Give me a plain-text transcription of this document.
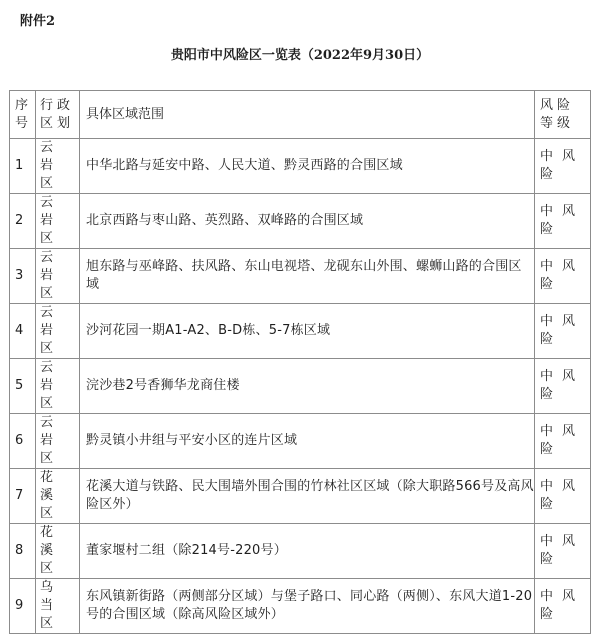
附件2
贵阳市中风险区一览表（2022年9月30日）
序号	行政区划	具体区域范围	风险等级
1	云岩区	中华北路与延安中路、人民大道、黔灵西路的合围区域	中风险
2	云岩区	北京西路与枣山路、英烈路、双峰路的合围区域	中风险
3	云岩区	旭东路与巫峰路、扶风路、东山电视塔、龙砚东山外围、螺蛳山路的合围区域	中风险
4	云岩区	沙河花园一期A1-A2、B-D栋、5-7栋区域	中风险
5	云岩区	浣沙巷2号香狮华龙商住楼	中风险
6	云岩区	黔灵镇小井组与平安小区的连片区域	中风险
7	花溪区	花溪大道与铁路、民大围墙外围合围的竹林社区区域（除大职路566号及高风险区外）	中风险
8	花溪区	董家堰村二组（除214号-220号）	中风险
9	乌当区	东风镇新街路（两侧部分区域）与堡子路口、同心路（两侧）、东风大道1-20号的合围区域（除高风险区域外）	中风险
